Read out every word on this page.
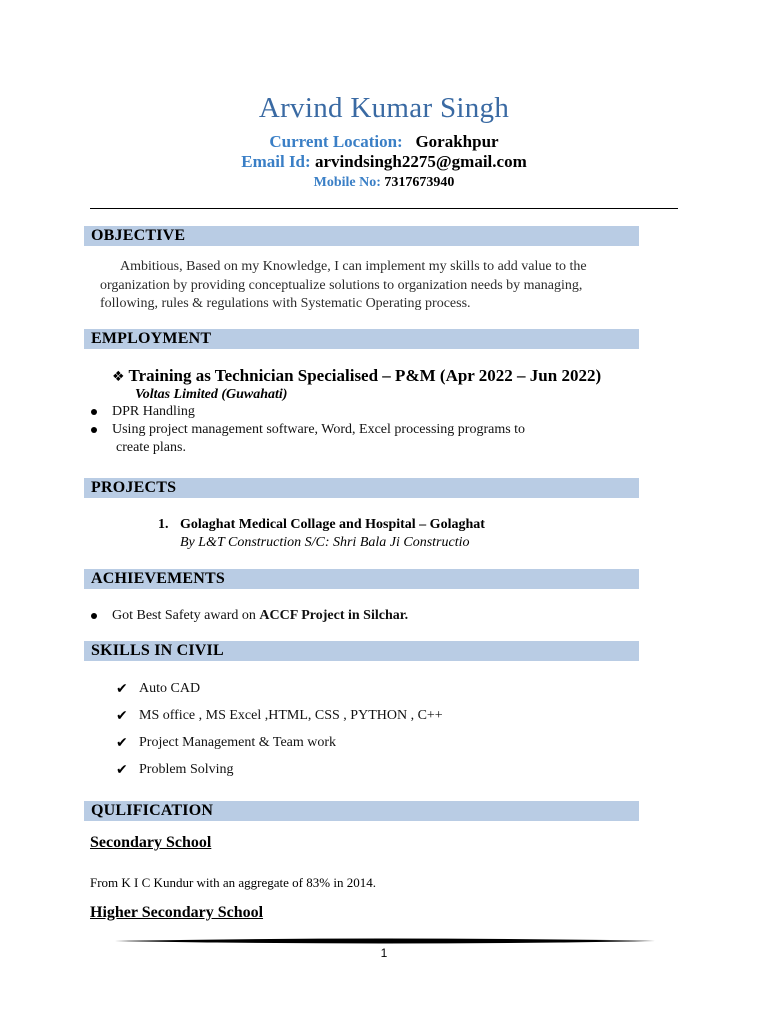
Arvind Kumar Singh
Current Location: Gorakhpur
Email Id: arvindsingh2275@gmail.com
Mobile No: 7317673940
OBJECTIVE
Ambitious, Based on my Knowledge, I can implement my skills to add value to the
organization by providing conceptualize solutions to organization needs by managing,
following, rules & regulations with Systematic Operating process.
EMPLOYMENT
❖ Training as Technician Specialised – P&M (Apr 2022 – Jun 2022)
Voltas Limited (Guwahati)
DPR Handling
Using project management software, Word, Excel processing programs to
create plans.
PROJECTS
1. Golaghat Medical Collage and Hospital – Golaghat
By L&T Construction S/C: Shri Bala Ji Constructio
ACHIEVEMENTS
Got Best Safety award on ACCF Project in Silchar.
SKILLS IN CIVIL
✔ Auto CAD
✔ MS office , MS Excel ,HTML, CSS , PYTHON , C++
✔ Project Management & Team work
✔ Problem Solving
QULIFICATION
Secondary School
From K I C Kundur with an aggregate of 83% in 2014.
Higher Secondary School
1
